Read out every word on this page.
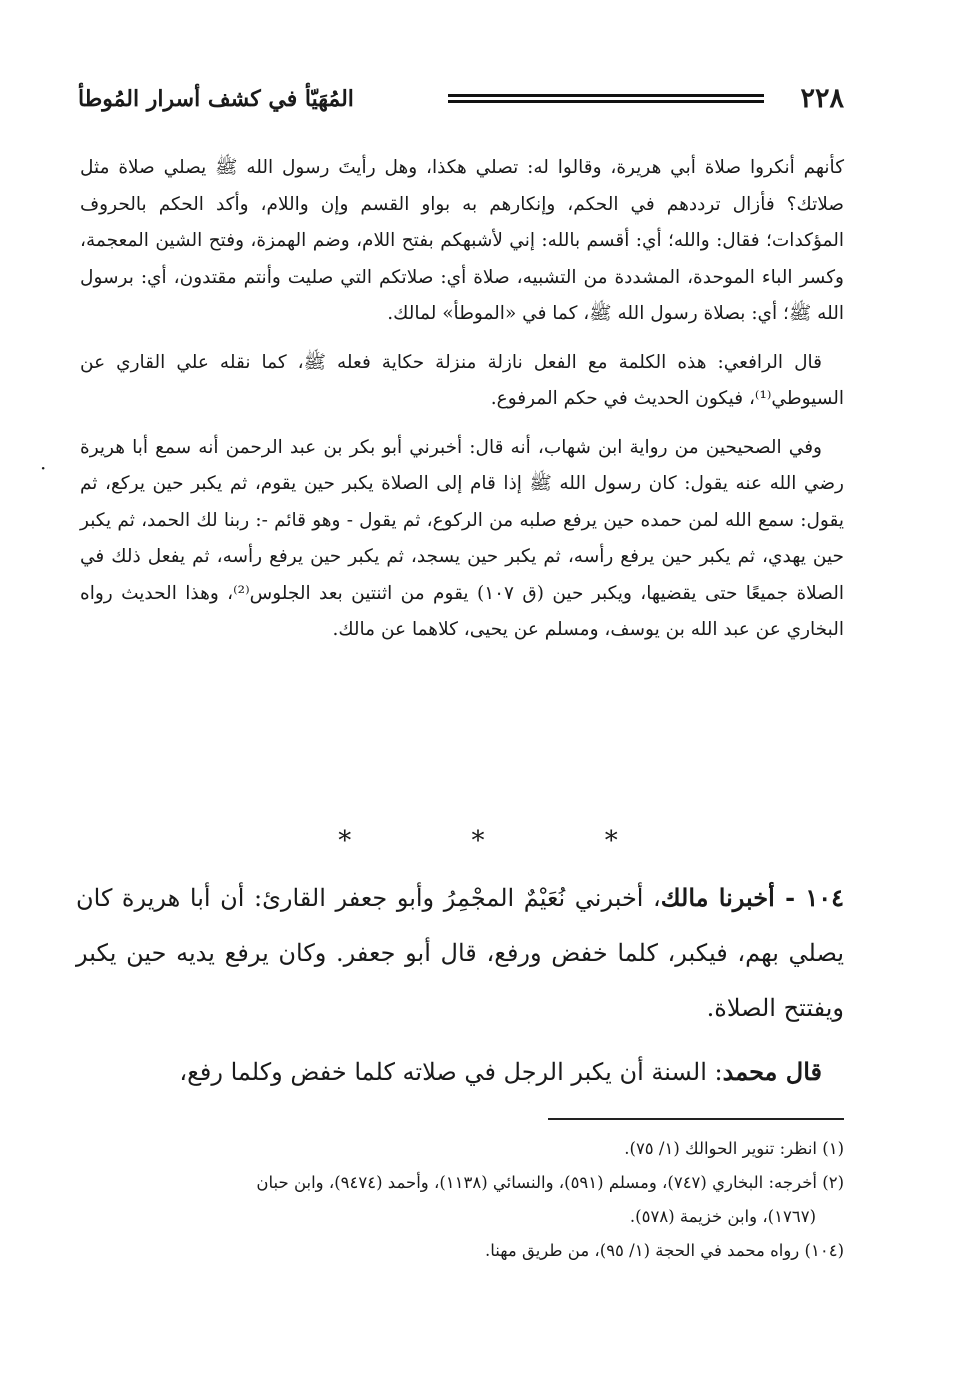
٢٢٨
المُهَيّأ في كشف أسرار المُوطأ

كأنهم أنكروا صلاة أبي هريرة، وقالوا له: تصلي هكذا، وهل رأيتَ رسول الله ﷺ يصلي صلاة مثل صلاتك؟ فأزال ترددهم في الحكم، وإنكارهم به بواو القسم وإن واللام، وأكد الحكم بالحروف المؤكدات؛ فقال: والله؛ أي: أقسم بالله: إني لأشبهكم بفتح اللام، وضم الهمزة، وفتح الشين المعجمة، وكسر الباء الموحدة، المشددة من التشبيه، صلاة أي: صلاتكم التي صليت وأنتم مقتدون، أي: برسول الله ﷺ؛ أي: بصلاة رسول الله ﷺ، كما في «الموطأ» لمالك.

قال الرافعي: هذه الكلمة مع الفعل نازلة منزلة حكاية فعله ﷺ، كما نقله علي القاري عن السيوطي⁽¹⁾، فيكون الحديث في حكم المرفوع.

وفي الصحيحين من رواية ابن شهاب، أنه قال: أخبرني أبو بكر بن عبد الرحمن أنه سمع أبا هريرة رضي الله عنه يقول: كان رسول الله ﷺ إذا قام إلى الصلاة يكبر حين يقوم، ثم يكبر حين يركع، ثم يقول: سمع الله لمن حمده حين يرفع صلبه من الركوع، ثم يقول - وهو قائم -: ربنا لك الحمد، ثم يكبر حين يهدي، ثم يكبر حين يرفع رأسه، ثم يكبر حين يسجد، ثم يكبر حين يرفع رأسه، ثم يفعل ذلك في الصلاة جميعًا حتى يقضيها، ويكبر حين (ق ١٠٧) يقوم من اثنتين بعد الجلوس⁽²⁾، وهذا الحديث رواه البخاري عن عبد الله بن يوسف، ومسلم عن يحيى، كلاهما عن مالك.

·
* * *

١٠٤ - أخبرنا مالك، أخبرني نُعَيْمٌ المجْمِرُ وأبو جعفر القارئ: أن أبا هريرة كان يصلي بهم، فيكبر، كلما خفض ورفع، قال أبو جعفر. وكان يرفع يديه حين يكبر ويفتتح الصلاة.

قال محمد: السنة أن يكبر الرجل في صلاته كلما خفض وكلما رفع،

(١) انظر: تنوير الحوالك (١/ ٧٥).
(٢) أخرجه: البخاري (٧٤٧)، ومسلم (٥٩١)، والنسائي (١١٣٨)، وأحمد (٩٤٧٤)، وابن حبان
(١٧٦٧)، وابن خزيمة (٥٧٨).
(١٠٤) رواه محمد في الحجة (١/ ٩٥)، من طريق مهنا.
